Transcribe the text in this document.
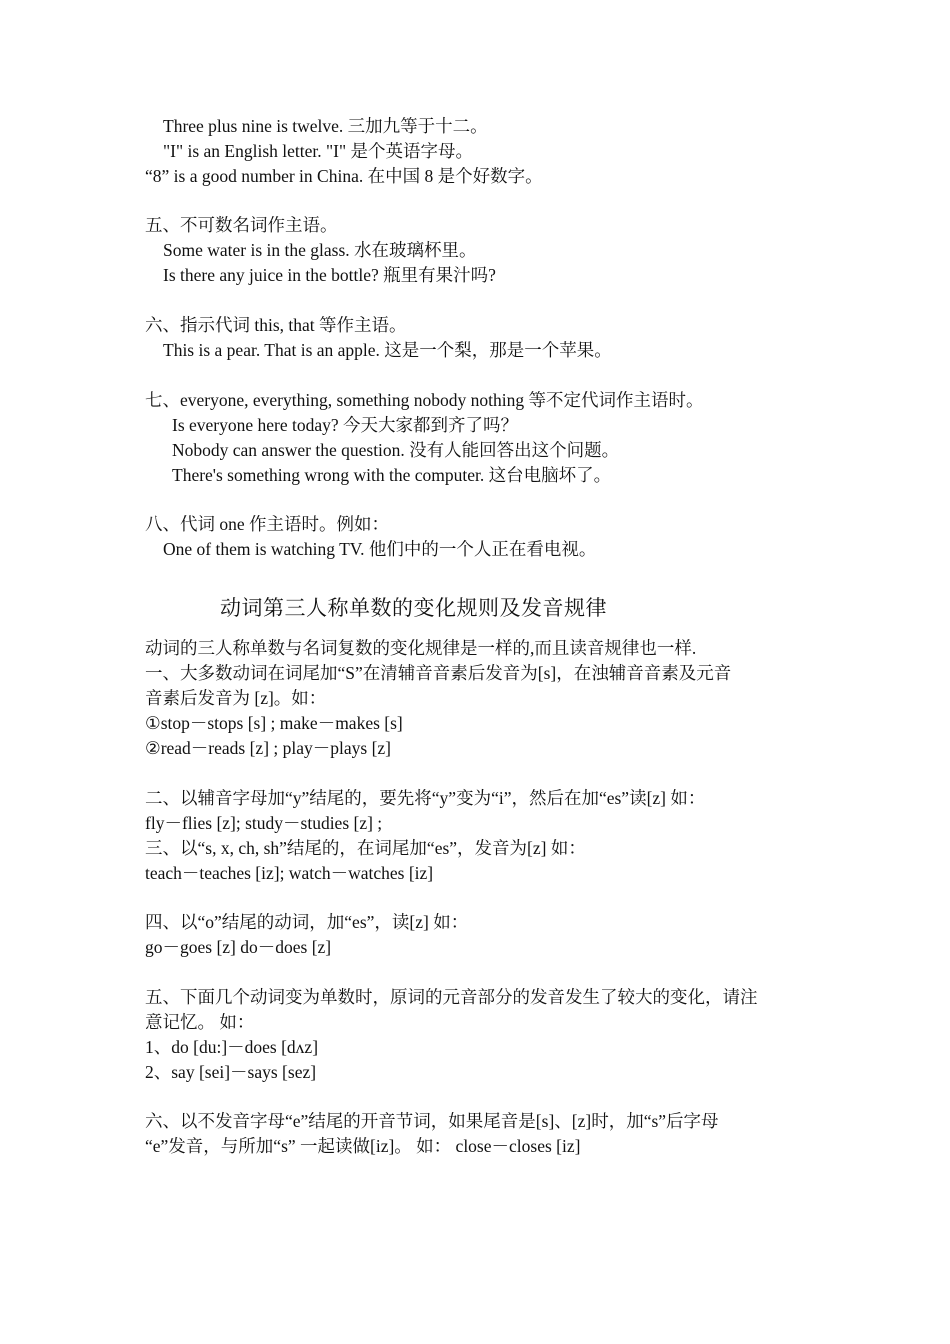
Three plus nine is twelve. 三加九等于十二。
"I" is an English letter. "I" 是个英语字母。
“8” is a good number in China. 在中国 8 是个好数字。
五、不可数名词作主语。
Some water is in the glass. 水在玻璃杯里。
Is there any juice in the bottle? 瓶里有果汁吗?
六、指示代词 this, that 等作主语。
This is a pear. That is an apple. 这是一个梨，那是一个苹果。
七、everyone, everything, something nobody nothing 等不定代词作主语时。
Is everyone here today? 今天大家都到齐了吗？
Nobody can answer the question. 没有人能回答出这个问题。
There's something wrong with the computer. 这台电脑坏了。
八、代词 one 作主语时。例如：
One of them is watching TV. 他们中的一个人正在看电视。
动词第三人称单数的变化规则及发音规律
动词的三人称单数与名词复数的变化规律是一样的,而且读音规律也一样.
一、大多数动词在词尾加“S”在清辅音音素后发音为[s]，在浊辅音音素及元音
音素后发音为 [z]。如：
①stop－stops [s] ; make－makes [s]
②read－reads [z] ; play－plays [z]
二、以辅音字母加“y”结尾的，要先将“y”变为“i”，然后在加“es”读[z] 如：
fly－flies [z]; study－studies [z] ;
三、以“s, x, ch, sh”结尾的，在词尾加“es”，发音为[z] 如：
teach－teaches [iz]; watch－watches [iz]
四、以“o”结尾的动词，加“es”，读[z] 如：
go－goes [z] do－does [z]
五、下面几个动词变为单数时，原词的元音部分的发音发生了较大的变化，请注
意记忆。 如：
1、do [du:]－does [dʌz]
2、say [sei]－says [sez]
六、以不发音字母“e”结尾的开音节词，如果尾音是[s]、[z]时，加“s”后字母
“e”发音，与所加“s” 一起读做[iz]。 如： close－closes [iz]
